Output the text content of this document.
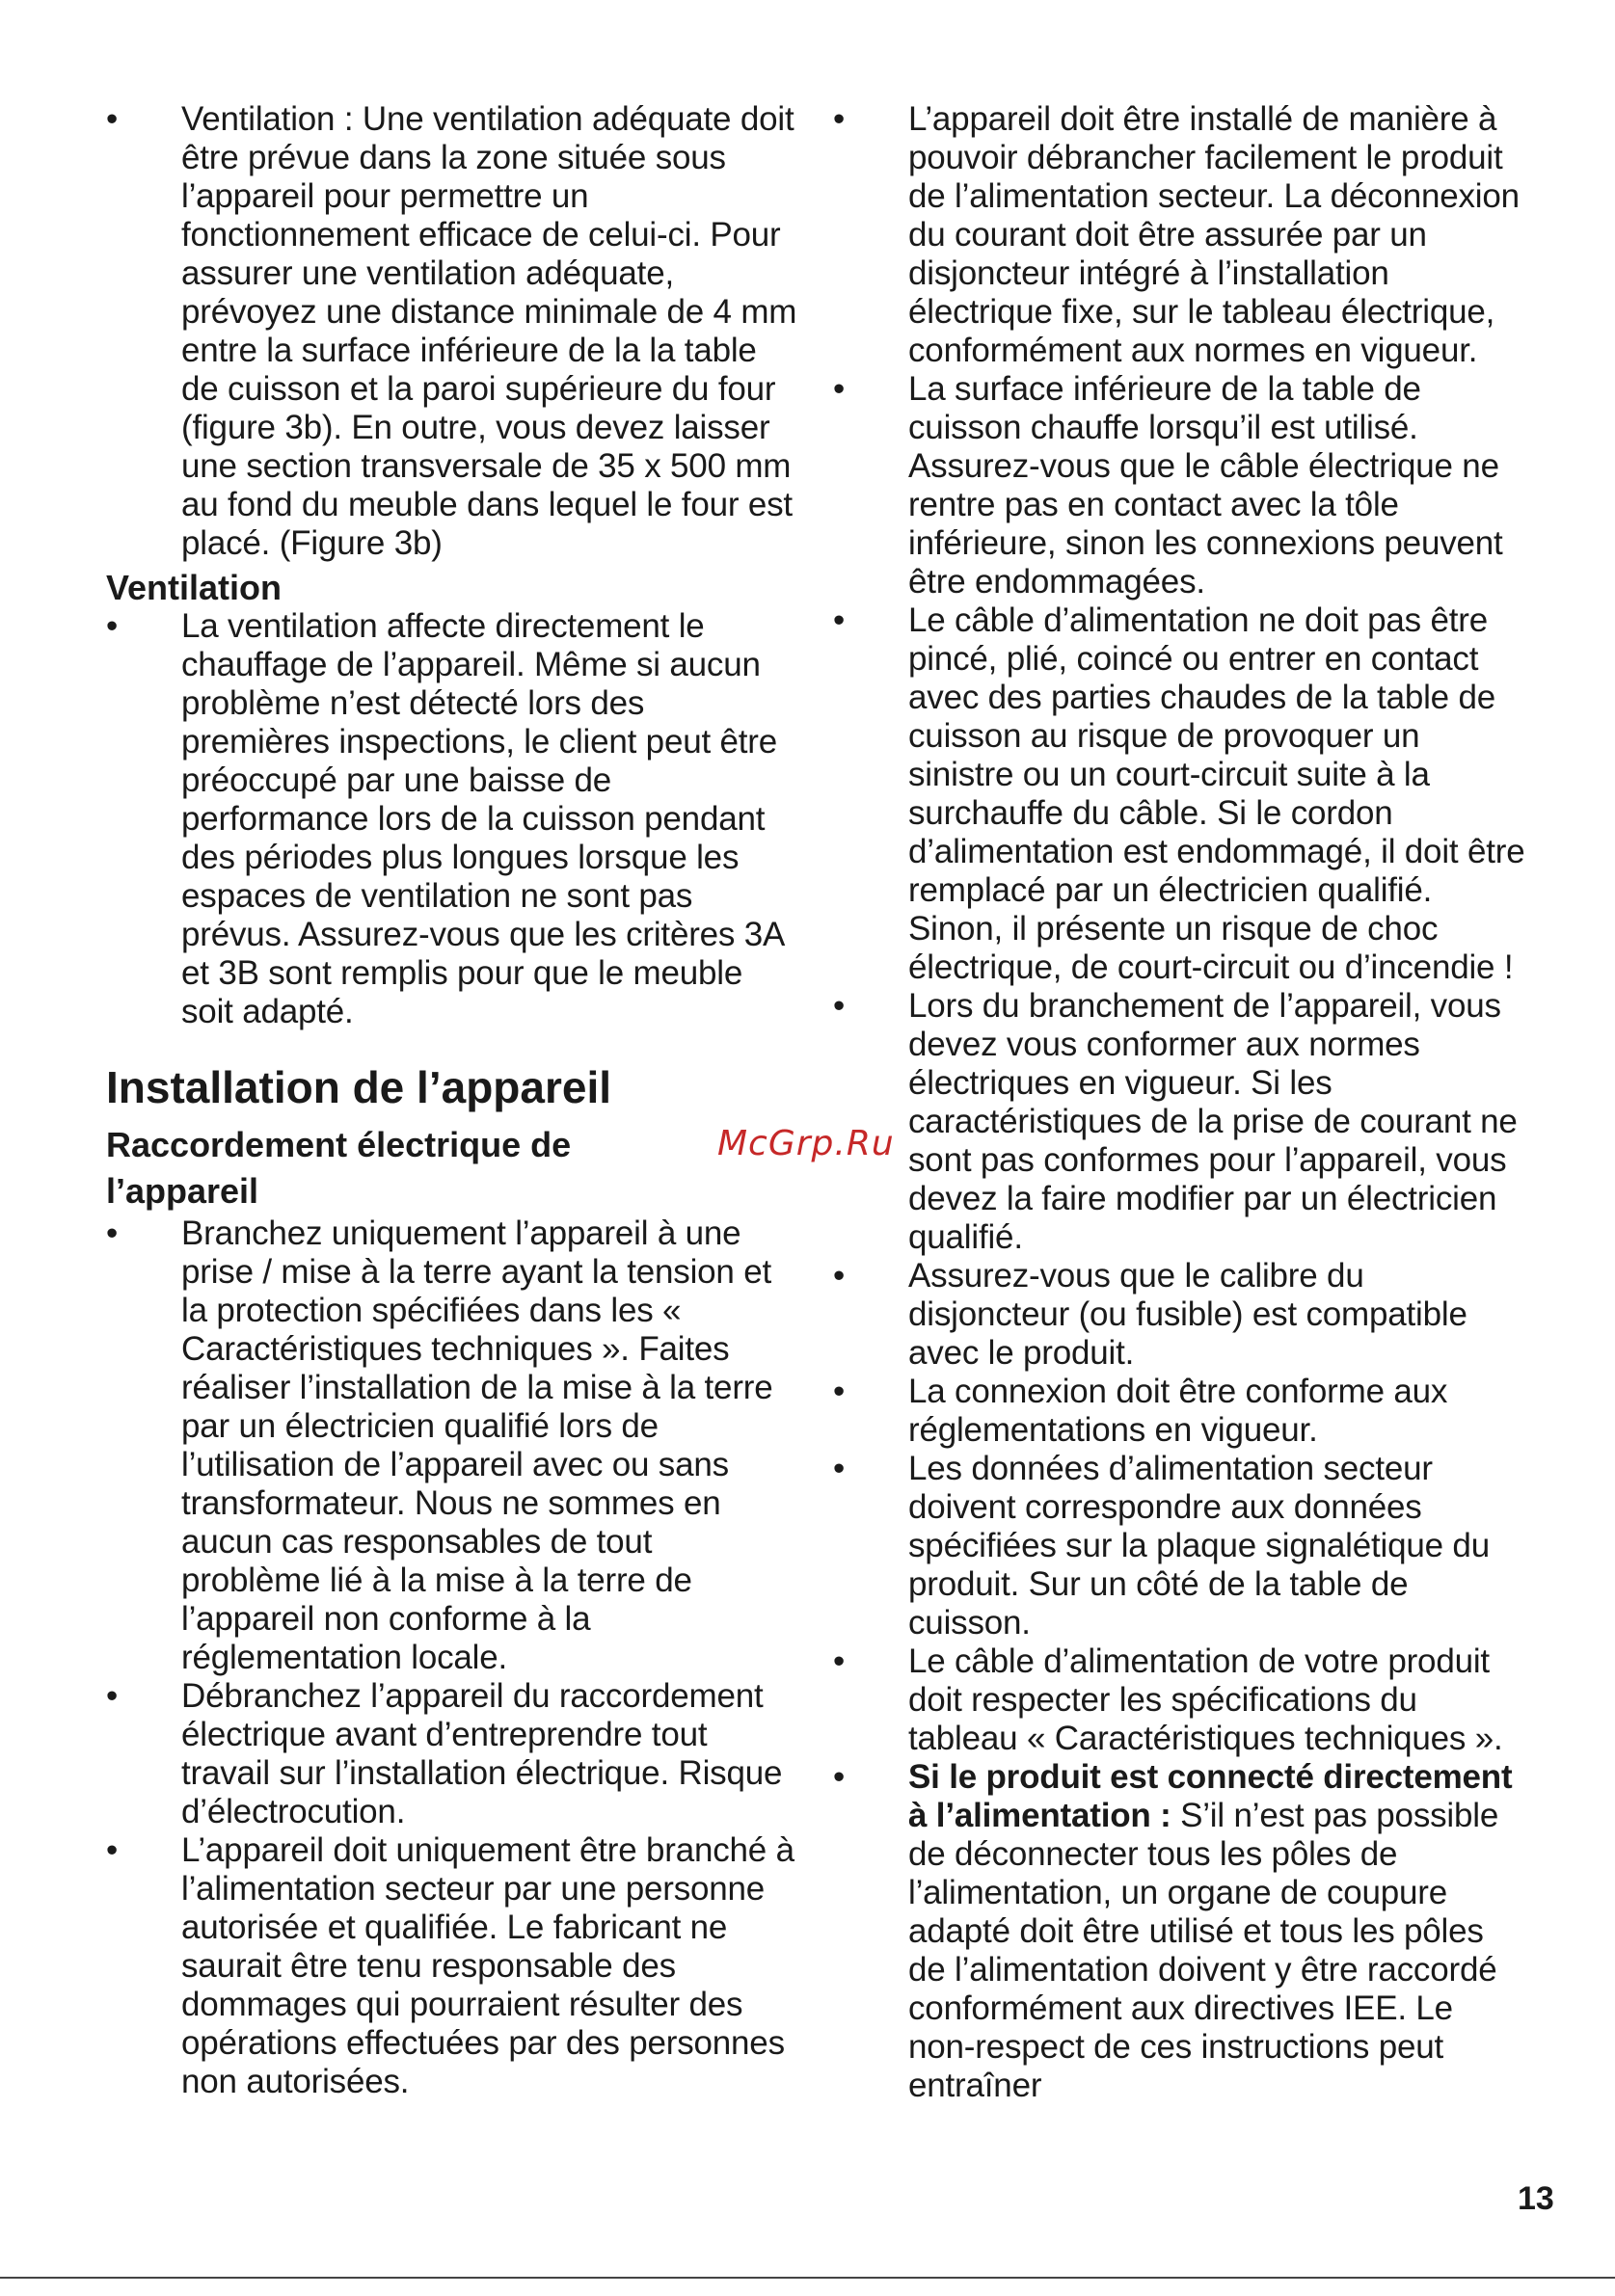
•	Ventilation : Une ventilation adéquate doit être prévue dans la zone située sous l’appareil pour permettre un fonctionnement efficace de celui-ci. Pour assurer une ventilation adéquate, prévoyez une distance minimale de 4 mm entre la surface inférieure de la la table de cuisson et la paroi supérieure du four (figure 3b). En outre, vous devez laisser une section transversale de 35 x 500 mm au fond du meuble dans lequel le four est placé. (Figure 3b)

Ventilation

•	La ventilation affecte directement le chauffage de l’appareil. Même si aucun problème n’est détecté lors des premières inspections, le client peut être préoccupé par une baisse de performance lors de la cuisson pendant des périodes plus longues lorsque les espaces de ventilation ne sont pas prévus. Assurez-vous que les critères 3A et 3B sont remplis pour que le meuble soit adapté.

Installation de l’appareil
Raccordement électrique de l’appareil

•	Branchez uniquement l’appareil à une prise / mise à la terre ayant la tension et la protection spécifiées dans les « Caractéristiques techniques ». Faites réaliser l’installation de la mise à la terre par un électricien qualifié lors de l’utilisation de l’appareil avec ou sans transformateur. Nous ne sommes en aucun cas responsables de tout problème lié à la mise à la terre de l’appareil non conforme à la réglementation locale.

•	Débranchez l’appareil du raccordement électrique avant d’entreprendre tout travail sur l’installation électrique. Risque d’électrocution.

•	L’appareil doit uniquement être branché à l’alimentation secteur par une personne autorisée et qualifiée. Le fabricant ne saurait être tenu responsable des dommages qui pourraient résulter des opérations effectuées par des personnes non autorisées.

•	L’appareil doit être installé de manière à pouvoir débrancher facilement le produit de l’alimentation secteur. La déconnexion du courant doit être assurée par un disjoncteur intégré à l’installation électrique fixe, sur le tableau électrique, conformément aux normes en vigueur.

•	La surface inférieure de la table de cuisson chauffe lorsqu’il est utilisé. Assurez-vous que le câble électrique ne rentre pas en contact avec la tôle inférieure, sinon les connexions peuvent être endommagées.

•	Le câble d’alimentation ne doit pas être pincé, plié, coincé ou entrer en contact avec des parties chaudes de la table de cuisson au risque de provoquer un sinistre ou un court-circuit suite à la surchauffe du câble. Si le cordon d’alimentation est endommagé, il doit être remplacé par un électricien qualifié. Sinon, il présente un risque de choc électrique, de court-circuit ou d’incendie !

•	Lors du branchement de l’appareil, vous devez vous conformer aux normes électriques en vigueur. Si les caractéristiques de la prise de courant ne sont pas conformes pour l’appareil, vous devez la faire modifier par un électricien qualifié.

•	Assurez-vous que le calibre du disjoncteur (ou fusible) est compatible avec le produit.

•	La connexion doit être conforme aux réglementations en vigueur.

•	Les données d’alimentation secteur doivent correspondre aux données spécifiées sur la plaque signalétique du produit. Sur un côté de la table de cuisson.

•	Le câble d’alimentation de votre produit doit respecter les spécifications du tableau « Caractéristiques techniques ».

•	Si le produit est connecté directement à l’alimentation : S’il n’est pas possible de déconnecter tous les pôles de l’alimentation, un organe de coupure adapté doit être utilisé et tous les pôles de l’alimentation doivent y être raccordé conformément aux directives IEE. Le non-respect de ces instructions peut entraîner

McGrp.Ru
13
